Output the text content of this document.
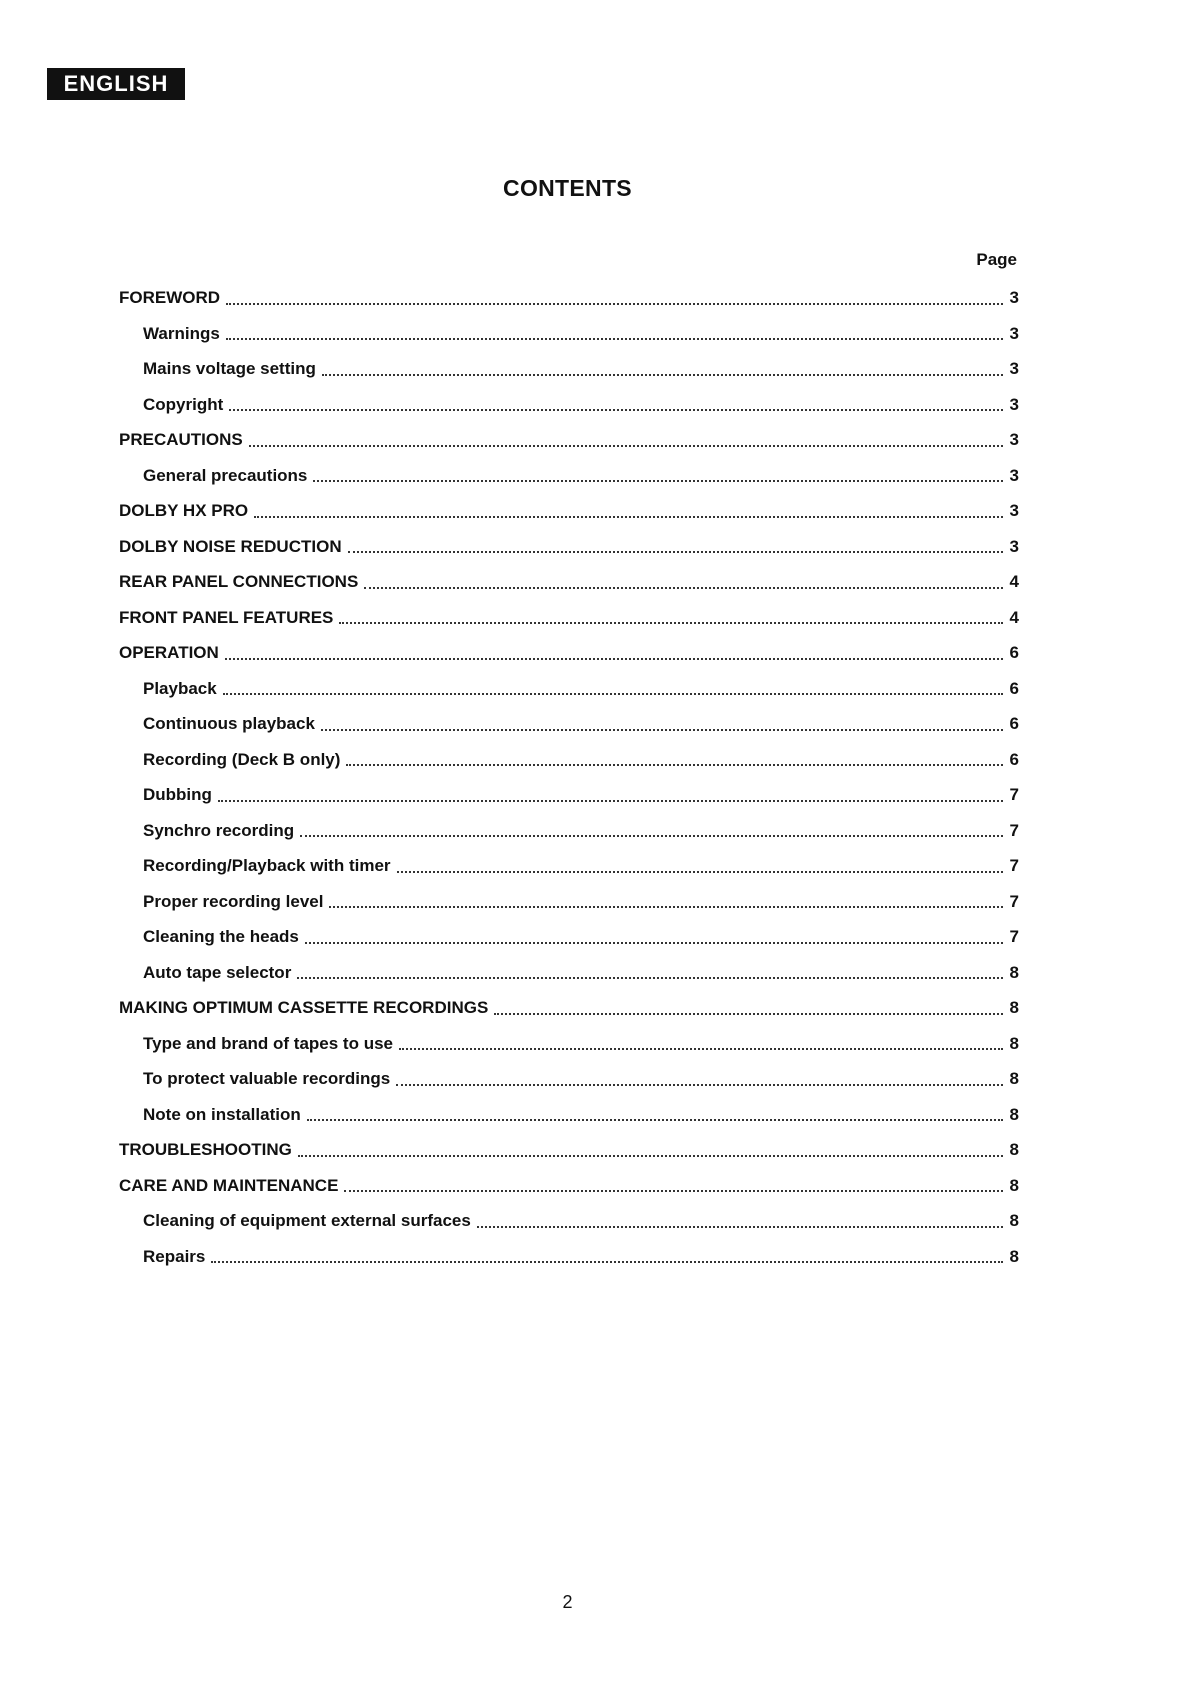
ENGLISH
CONTENTS
Page
FOREWORD	3
Warnings	3
Mains voltage setting	3
Copyright	3
PRECAUTIONS	3
General precautions	3
DOLBY HX PRO	3
DOLBY NOISE REDUCTION	3
REAR PANEL CONNECTIONS	4
FRONT PANEL FEATURES	4
OPERATION	6
Playback	6
Continuous playback	6
Recording (Deck B only)	6
Dubbing	7
Synchro recording	7
Recording/Playback with timer	7
Proper recording level	7
Cleaning the heads	7
Auto tape selector	8
MAKING OPTIMUM CASSETTE RECORDINGS	8
Type and brand of tapes to use	8
To protect valuable recordings	8
Note on installation	8
TROUBLESHOOTING	8
CARE AND MAINTENANCE	8
Cleaning of equipment external surfaces	8
Repairs	8
2
